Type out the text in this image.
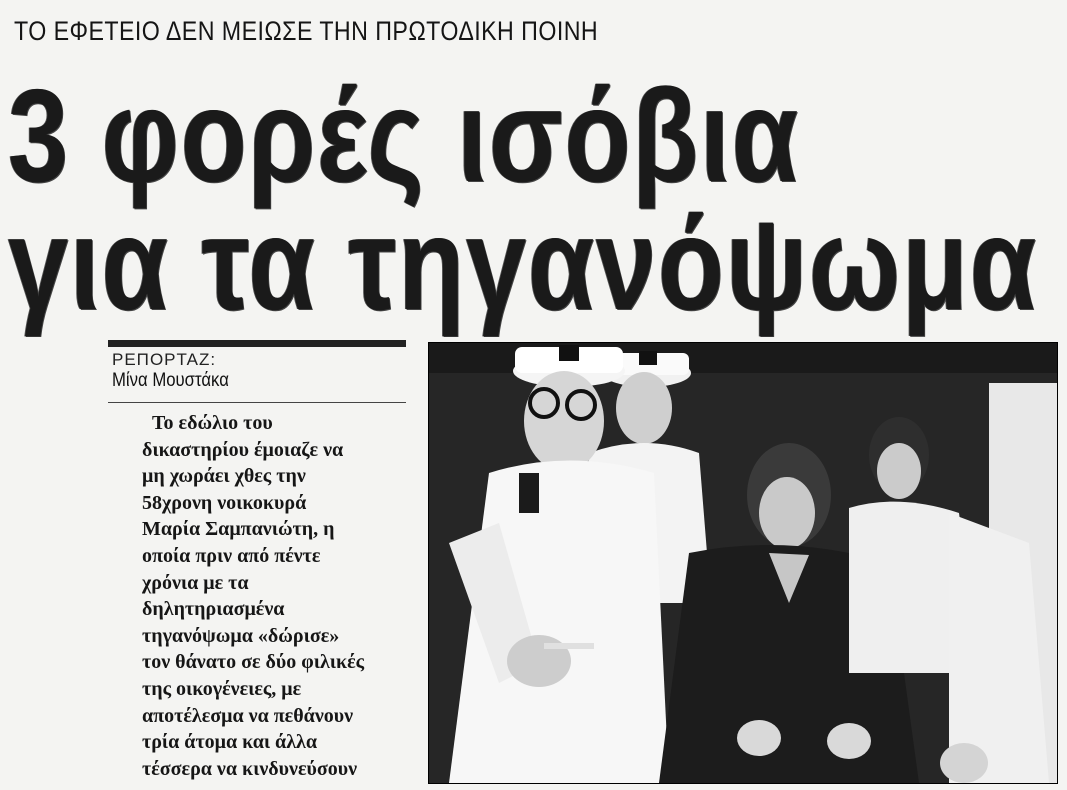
ΤΟ ΕΦΕΤΕΙΟ ΔΕΝ ΜΕΙΩΣΕ ΤΗΝ ΠΡΩΤΟΔΙΚΗ ΠΟΙΝΗ
3 φορές ισόβια
για τα τηγανόψωμα
ΡΕΠΟΡΤΑΖ:
Μίνα Μουστάκα
Το εδώλιο του
δικαστηρίου έμοιαζε να
μη χωράει χθες την
58χρονη νοικοκυρά
Μαρία Σαμπανιώτη, η
οποία πριν από πέντε
χρόνια με τα
δηλητηριασμένα
τηγανόψωμα «δώρισε»
τον θάνατο σε δύο φιλικές
της οικογένειες, με
αποτέλεσμα να πεθάνουν
τρία άτομα και άλλα
τέσσερα να κινδυνεύσουν
